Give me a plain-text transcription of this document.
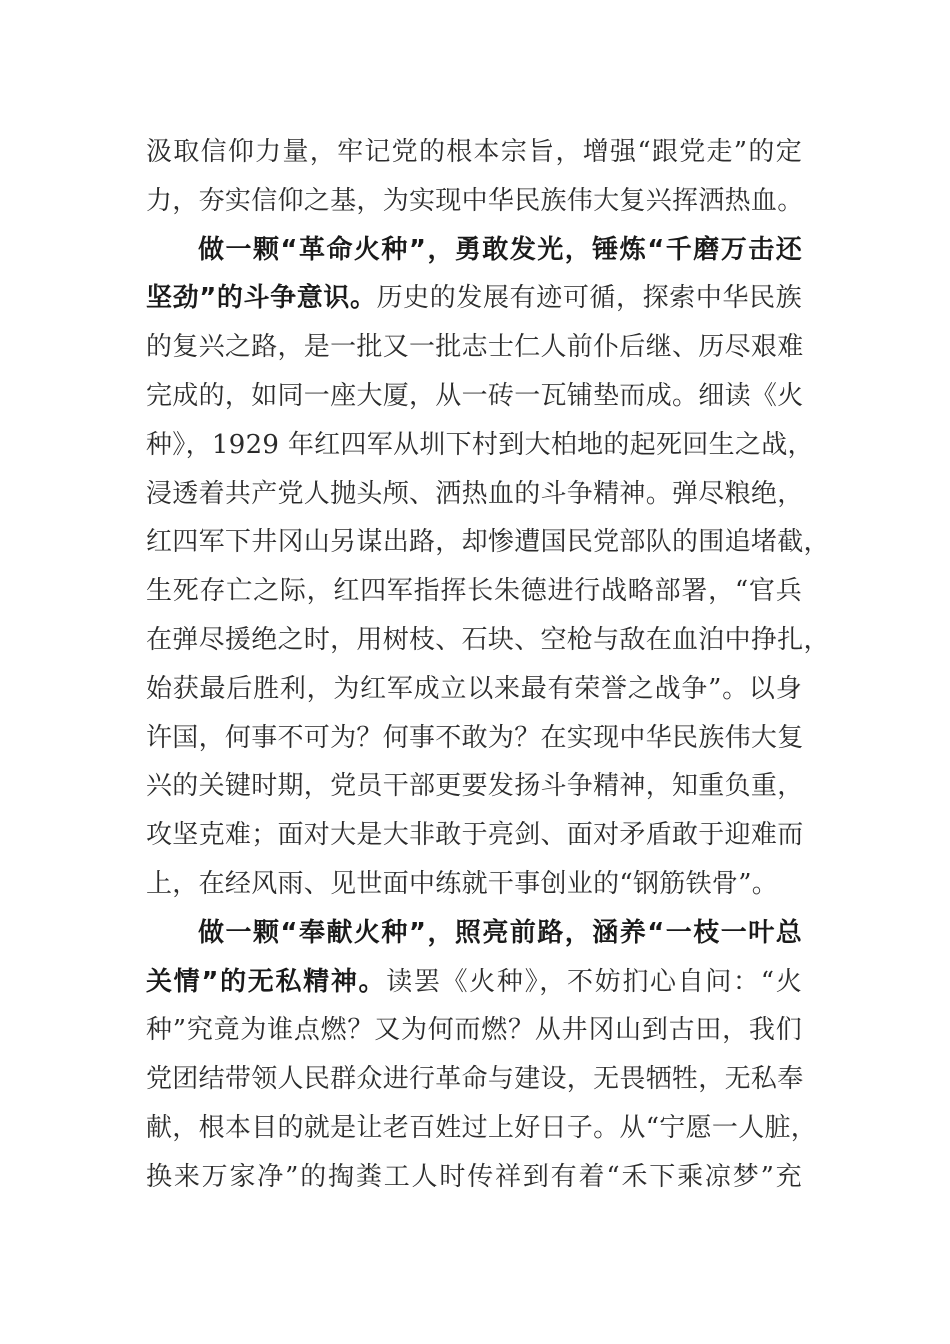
汲取信仰力量，牢记党的根本宗旨，增强“跟党走”的定
力，夯实信仰之基，为实现中华民族伟大复兴挥洒热血。
做一颗“革命火种”，勇敢发光，锤炼“千磨万击还
坚劲”的斗争意识。历史的发展有迹可循，探索中华民族
的复兴之路，是一批又一批志士仁人前仆后继、历尽艰难
完成的，如同一座大厦，从一砖一瓦铺垫而成。细读《火
种》，1929 年红四军从圳下村到大柏地的起死回生之战，
浸透着共产党人抛头颅、洒热血的斗争精神。弹尽粮绝，
红四军下井冈山另谋出路，却惨遭国民党部队的围追堵截，
生死存亡之际，红四军指挥长朱德进行战略部署，“官兵
在弹尽援绝之时，用树枝、石块、空枪与敌在血泊中挣扎，
始获最后胜利，为红军成立以来最有荣誉之战争”。以身
许国，何事不可为？何事不敢为？在实现中华民族伟大复
兴的关键时期，党员干部更要发扬斗争精神，知重负重，
攻坚克难；面对大是大非敢于亮剑、面对矛盾敢于迎难而
上，在经风雨、见世面中练就干事创业的“钢筋铁骨”。
做一颗“奉献火种”，照亮前路，涵养“一枝一叶总
关情”的无私精神。读罢《火种》，不妨扪心自问：“火
种”究竟为谁点燃？又为何而燃？从井冈山到古田，我们
党团结带领人民群众进行革命与建设，无畏牺牲，无私奉
献，根本目的就是让老百姓过上好日子。从“宁愿一人脏，
换来万家净”的掏粪工人时传祥到有着“禾下乘凉梦”充
